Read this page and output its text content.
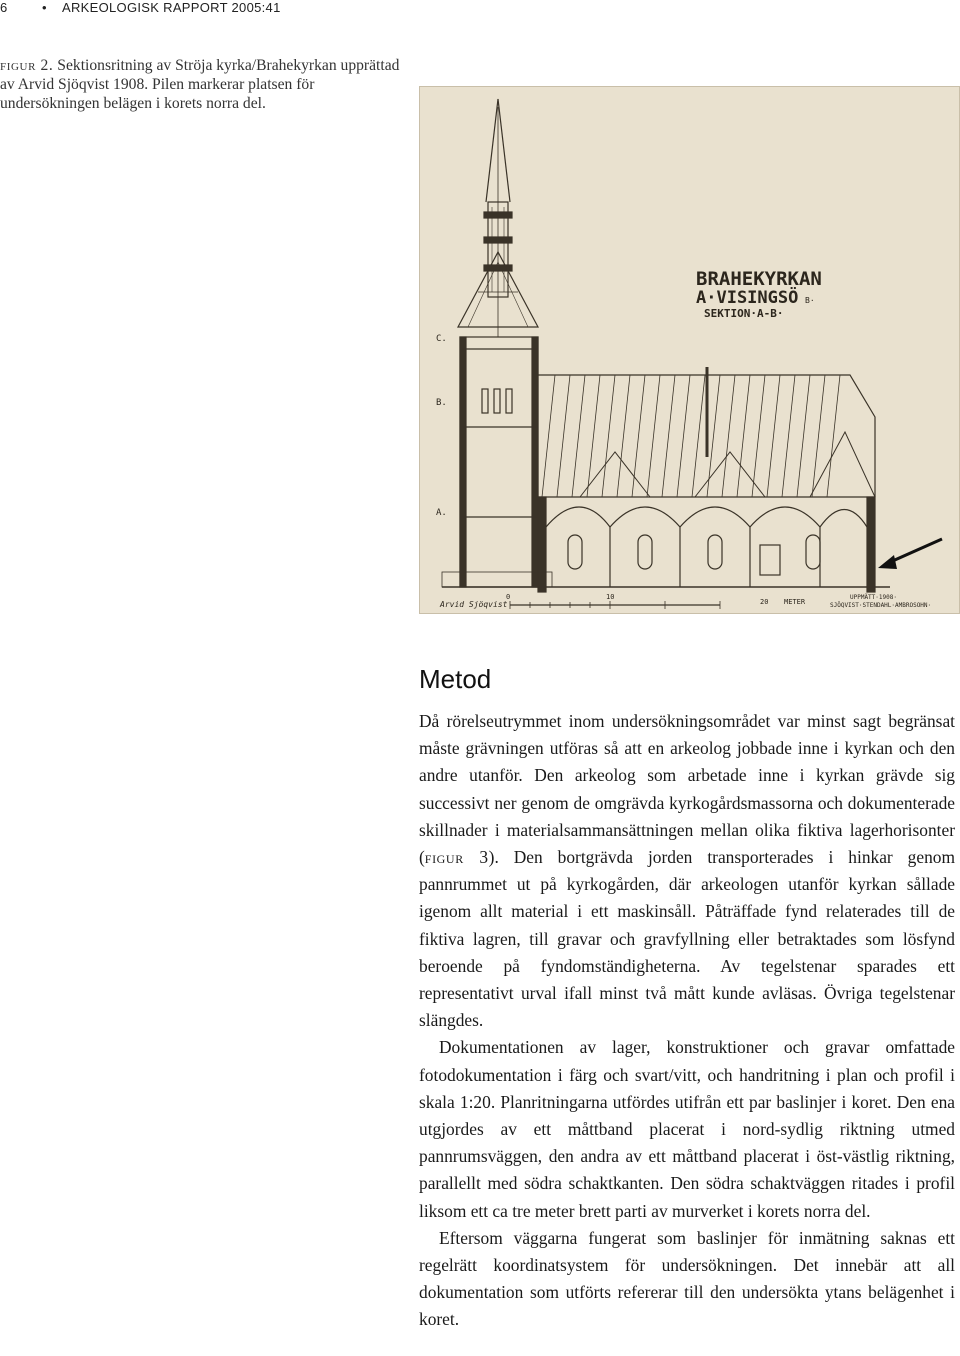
6	• ARKEOLOGISK RAPPORT 2005:41
figur 2. Sektionsritning av Ströja kyrka/Brahekyrkan upprättad av Arvid Sjöqvist 1908. Pilen markerar platsen för undersökningen belägen i korets norra del.
BRAHEKYRKAN
A·VISINGSÖ B·
SEKTION·A-B·
C.
B.
A.
0	10
20 METER
Arvid Sjöqvist
UPPMÄTT·1908·
SJÖQVIST·STENDAHL·AMBROSOHN·
Metod

Då rörelseutrymmet inom undersökningsområdet var minst sagt begränsat måste grävningen utföras så att en arkeolog jobbade inne i kyrkan och den andre utanför. Den arkeolog som arbetade inne i kyrkan grävde sig successivt ner genom de omgrävda kyrkogårdsmassorna och dokumenterade skillnader i materialsammansättningen mellan olika fiktiva lagerhorisonter (figur 3). Den bortgrävda jorden transporterades i hinkar genom pannrummet ut på kyrkogården, där arkeologen utanför kyrkan sållade igenom allt material i ett maskinsåll. Påträffade fynd relaterades till de fiktiva lagren, till gravar och gravfyllning eller betraktades som lösfynd beroende på fyndomständigheterna. Av tegelstenar sparades ett representativt urval ifall minst två mått kunde avläsas. Övriga tegelstenar slängdes.

Dokumentationen av lager, konstruktioner och gravar omfattade fotodokumentation i färg och svart/vitt, och handritning i plan och profil i skala 1:20. Planritningarna utfördes utifrån ett par baslinjer i koret. Den ena utgjordes av ett måttband placerat i nord-sydlig riktning utmed pannrumsväggen, den andra av ett måttband placerat i öst-västlig riktning, parallellt med södra schaktkanten. Den södra schaktväggen ritades i profil liksom ett ca tre meter brett parti av murverket i korets norra del.

Eftersom väggarna fungerat som baslinjer för inmätning saknas ett regelrätt koordinatsystem för undersökningen. Det innebär att all dokumentation som utförts refererar till den undersökta ytans belägenhet i koret.
